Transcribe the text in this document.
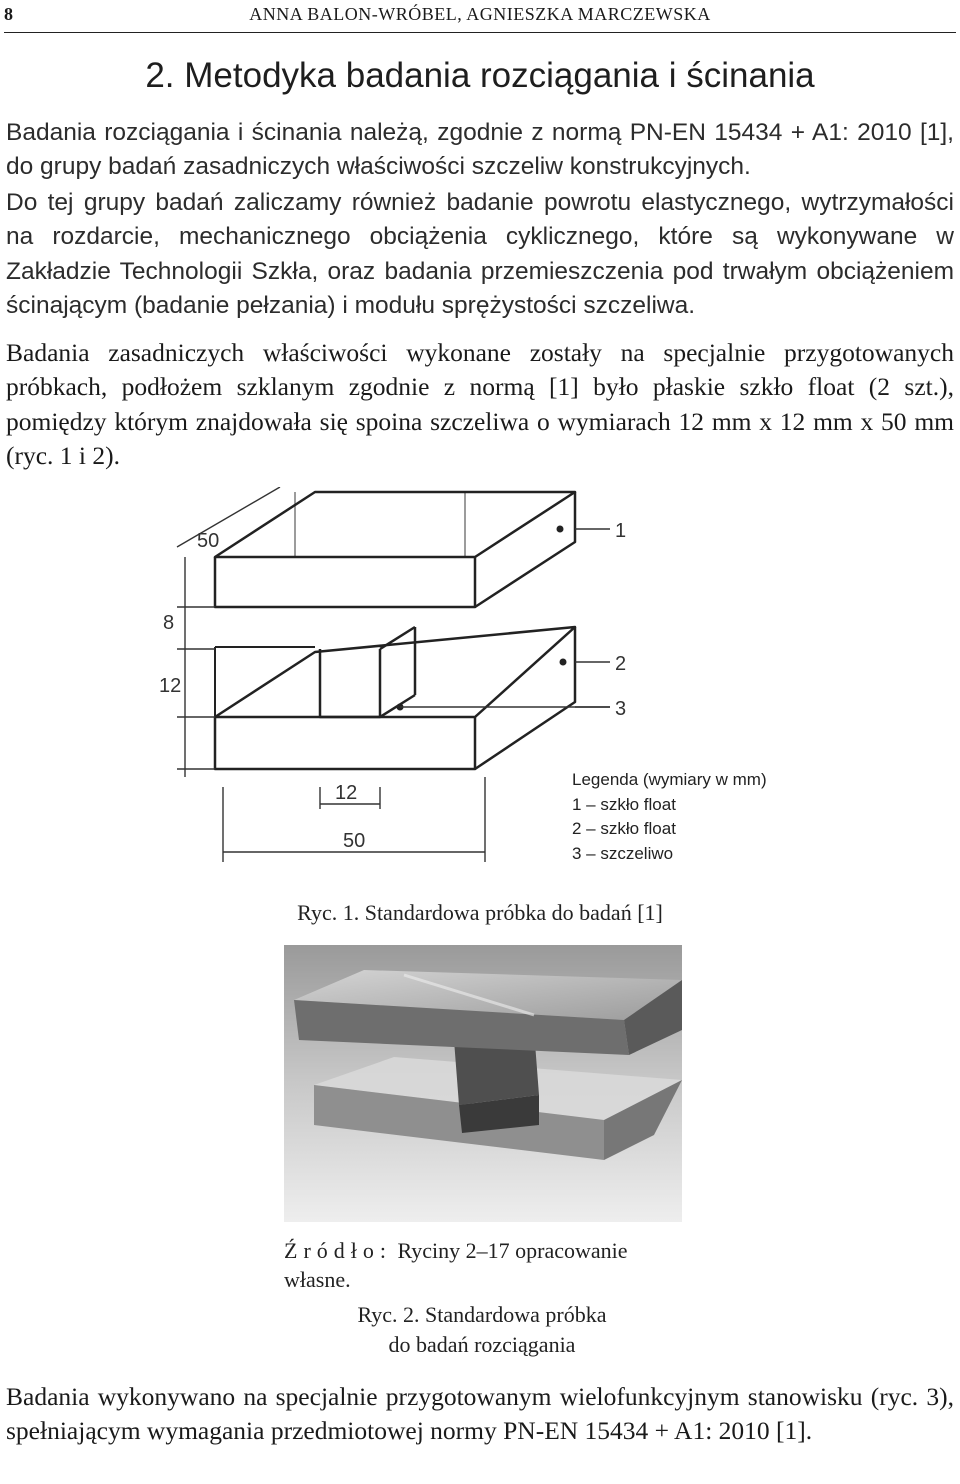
8	ANNA BALON-WRÓBEL, AGNIESZKA MARCZEWSKA
2. Metodyka badania rozciągania i ścinania

Badania rozciągania i ścinania należą, zgodnie z normą PN-EN 15434 + A1: 2010 [1], do grupy badań zasadniczych właściwości szczeliw konstrukcyjnych.

Do tej grupy badań zaliczamy również badanie powrotu elastycznego, wytrzymałości na rozdarcie, mechanicznego obciążenia cyklicznego, które są wykonywane w Zakładzie Technologii Szkła, oraz badania przemieszczenia pod trwałym obciążeniem ścinającym (badanie pełzania) i modułu sprężystości szczeliwa.

Badania zasadniczych właściwości wykonane zostały na specjalnie przygotowanych próbkach, podłożem szklanym zgodnie z normą [1] było płaskie szkło float (2 szt.), pomiędzy którym znajdowała się spoina szczeliwa o wymiarach 12 mm x 12 mm x 50 mm (ryc. 1 i 2).

50
8
12
12
50
1
2
3
Legenda (wymiary w mm)
1 – szkło float
2 – szkło float
3 – szczeliwo
Ryc. 1. Standardowa próbka do badań [1]
Źródło: Ryciny 2–17 opracowanie własne.
Ryc. 2. Standardowa próbka
do badań rozciągania

Badania wykonywano na specjalnie przygotowanym wielofunkcyjnym stanowisku (ryc. 3), spełniającym wymagania przedmiotowej normy PN-EN 15434 + A1: 2010 [1].
